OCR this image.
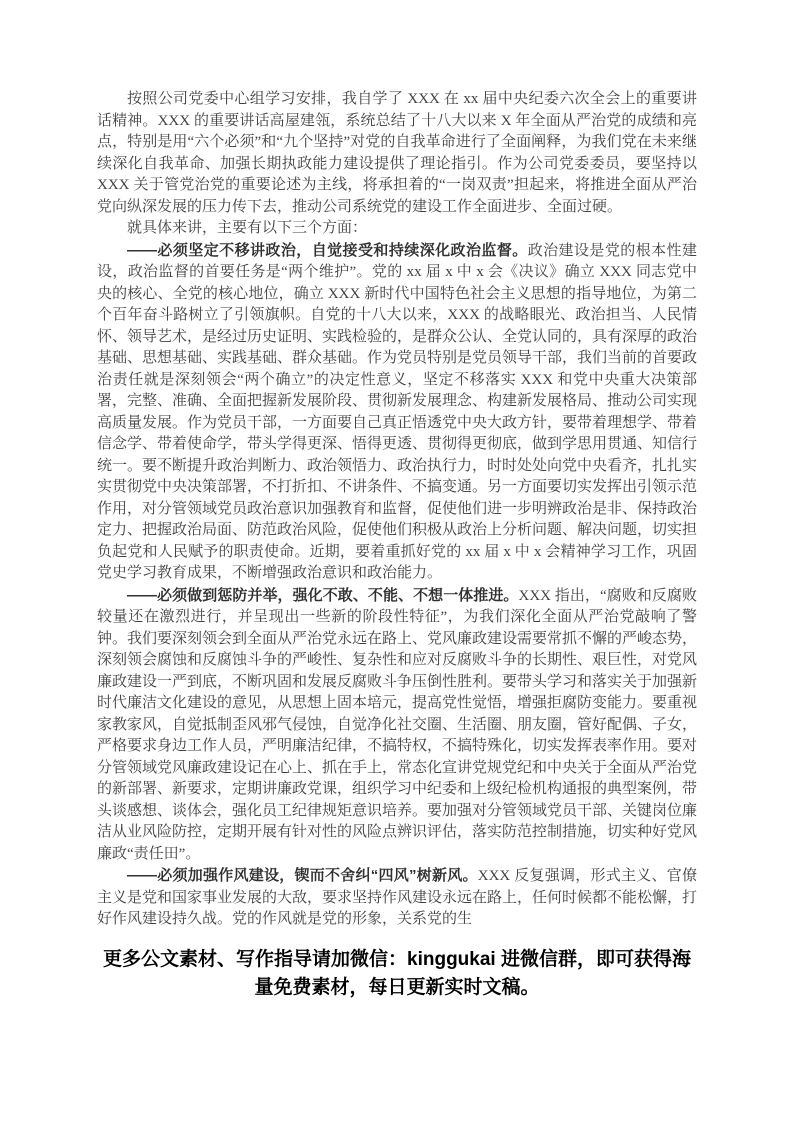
按照公司党委中心组学习安排，我自学了 XXX 在 xx 届中央纪委六次全会上的重要讲话精神。XXX 的重要讲话高屋建瓴，系统总结了十八大以来 X 年全面从严治党的成绩和亮点，特别是用“六个必须”和“九个坚持”对党的自我革命进行了全面阐释，为我们党在未来继续深化自我革命、加强长期执政能力建设提供了理论指引。作为公司党委委员，要坚持以 XXX 关于管党治党的重要论述为主线，将承担着的“一岗双责”担起来，将推进全面从严治党向纵深发展的压力传下去，推动公司系统党的建设工作全面进步、全面过硬。

就具体来讲，主要有以下三个方面：

——必须坚定不移讲政治，自觉接受和持续深化政治监督。政治建设是党的根本性建设，政治监督的首要任务是“两个维护”。党的 xx 届 x 中 x 会《决议》确立 XXX 同志党中央的核心、全党的核心地位，确立 XXX 新时代中国特色社会主义思想的指导地位，为第二个百年奋斗路树立了引领旗帜。自党的十八大以来，XXX 的战略眼光、政治担当、人民情怀、领导艺术，是经过历史证明、实践检验的，是群众公认、全党认同的，具有深厚的政治基础、思想基础、实践基础、群众基础。作为党员特别是党员领导干部，我们当前的首要政治责任就是深刻领会“两个确立”的决定性意义，坚定不移落实 XXX 和党中央重大决策部署，完整、准确、全面把握新发展阶段、贯彻新发展理念、构建新发展格局、推动公司实现高质量发展。作为党员干部，一方面要自己真正悟透党中央大政方针，要带着理想学、带着信念学、带着使命学，带头学得更深、悟得更透、贯彻得更彻底，做到学思用贯通、知信行统一。要不断提升政治判断力、政治领悟力、政治执行力，时时处处向党中央看齐，扎扎实实贯彻党中央决策部署，不打折扣、不讲条件、不搞变通。另一方面要切实发挥出引领示范作用，对分管领域党员政治意识加强教育和监督，促使他们进一步明辨政治是非、保持政治定力、把握政治局面、防范政治风险，促使他们积极从政治上分析问题、解决问题，切实担负起党和人民赋予的职责使命。近期，要着重抓好党的 xx 届 x 中 x 会精神学习工作，巩固党史学习教育成果，不断增强政治意识和政治能力。

——必须做到惩防并举，强化不敢、不能、不想一体推进。XXX 指出，“腐败和反腐败较量还在激烈进行，并呈现出一些新的阶段性特征”，为我们深化全面从严治党敲响了警钟。我们要深刻领会到全面从严治党永远在路上、党风廉政建设需要常抓不懈的严峻态势，深刻领会腐蚀和反腐蚀斗争的严峻性、复杂性和应对反腐败斗争的长期性、艰巨性，对党风廉政建设一严到底，不断巩固和发展反腐败斗争压倒性胜利。要带头学习和落实关于加强新时代廉洁文化建设的意见，从思想上固本培元，提高党性觉悟，增强拒腐防变能力。要重视家教家风，自觉抵制歪风邪气侵蚀，自觉净化社交圈、生活圈、朋友圈，管好配偶、子女，严格要求身边工作人员，严明廉洁纪律，不搞特权，不搞特殊化，切实发挥表率作用。要对分管领域党风廉政建设记在心上、抓在手上，常态化宣讲党规党纪和中央关于全面从严治党的新部署、新要求，定期讲廉政党课，组织学习中纪委和上级纪检机构通报的典型案例，带头谈感想、谈体会，强化员工纪律规矩意识培养。要加强对分管领域党员干部、关键岗位廉洁从业风险防控，定期开展有针对性的风险点辨识评估，落实防范控制措施，切实种好党风廉政“责任田”。

——必须加强作风建设，锲而不舍纠“四风”树新风。XXX 反复强调，形式主义、官僚主义是党和国家事业发展的大敌，要求坚持作风建设永远在路上，任何时候都不能松懈，打好作风建设持久战。党的作风就是党的形象，关系党的生

更多公文素材、写作指导请加微信：kinggukai 进微信群，即可获得海量免费素材，每日更新实时文稿。
